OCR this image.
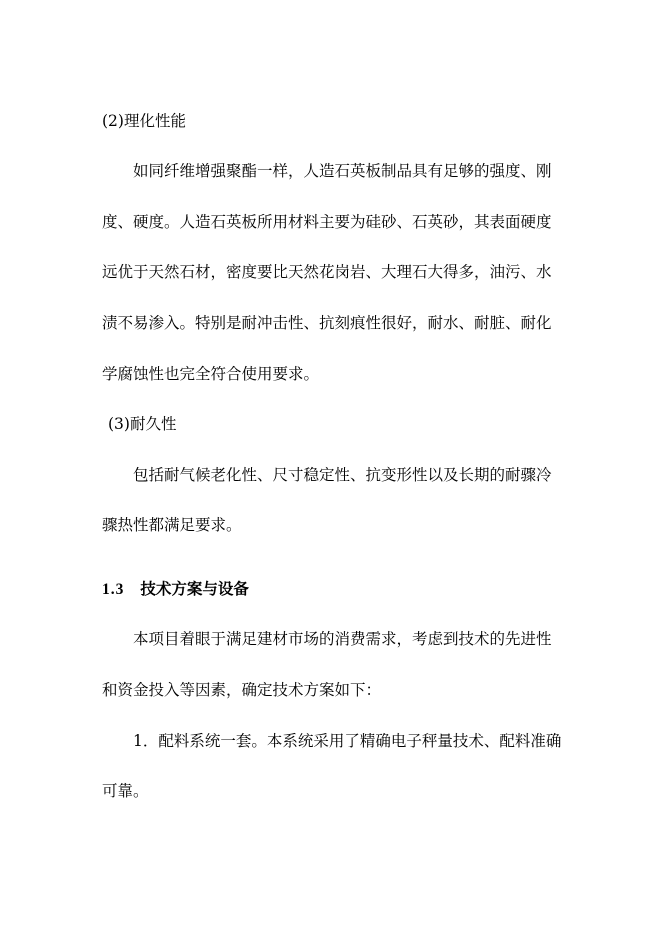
(2)理化性能
如同纤维增强聚酯一样，人造石英板制品具有足够的强度、刚
度、硬度。人造石英板所用材料主要为硅砂、石英砂，其表面硬度
远优于天然石材，密度要比天然花岗岩、大理石大得多，油污、水
渍不易渗入。特别是耐冲击性、抗刻痕性很好，耐水、耐脏、耐化
学腐蚀性也完全符合使用要求。
(3)耐久性
包括耐气候老化性、尺寸稳定性、抗变形性以及长期的耐骤冷
骤热性都满足要求。
1.3 技术方案与设备
本项目着眼于满足建材市场的消费需求，考虑到技术的先进性
和资金投入等因素，确定技术方案如下：
1．配料系统一套。本系统采用了精确电子秤量技术、配料准确
可靠。
